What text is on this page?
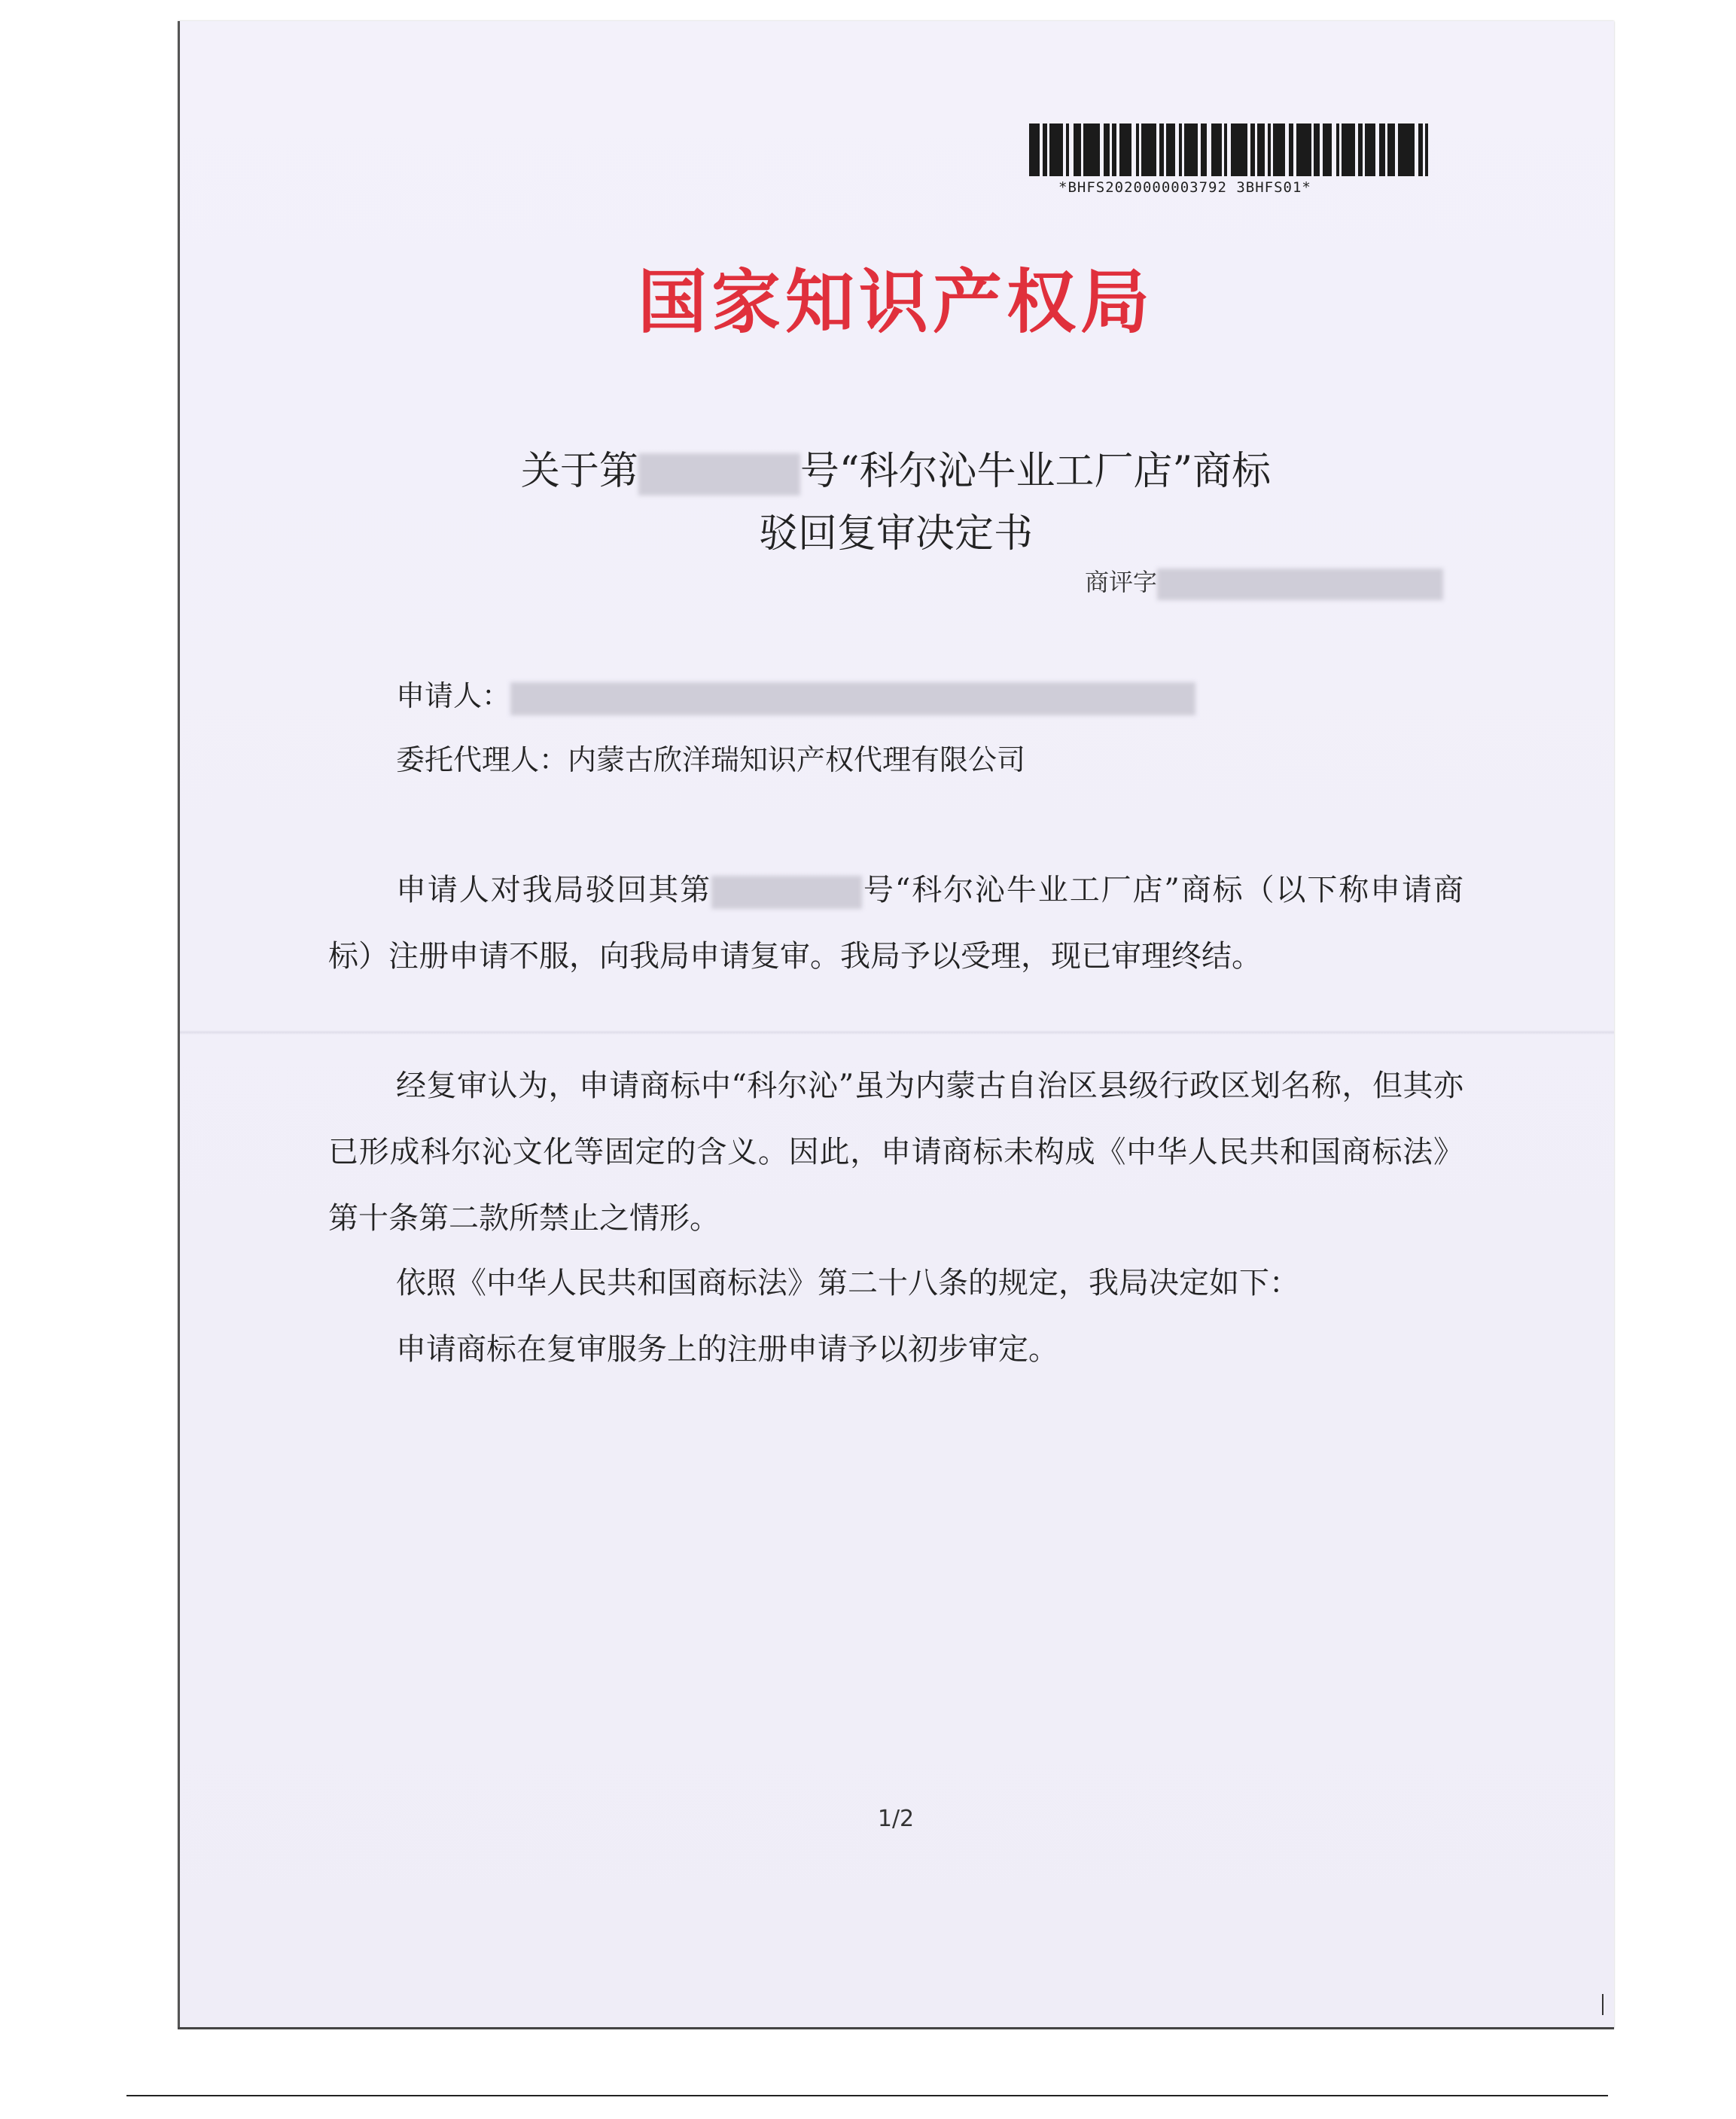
*BHFS2020000003792 3BHFS01*
国家知识产权局
关于第	号“科尔沁牛业工厂店”商标
驳回复审决定书
商评字
申请人：
委托代理人：内蒙古欣洋瑞知识产权代理有限公司
申请人对我局驳回其第	号“科尔沁牛业工厂店”商标（以下称申请商标）注册申请不服，向我局申请复审。我局予以受理，现已审理终结。
经复审认为，申请商标中“科尔沁”虽为内蒙古自治区县级行政区划名称，但其亦已形成科尔沁文化等固定的含义。因此，申请商标未构成《中华人民共和国商标法》第十条第二款所禁止之情形。
依照《中华人民共和国商标法》第二十八条的规定，我局决定如下：
申请商标在复审服务上的注册申请予以初步审定。
1/2
